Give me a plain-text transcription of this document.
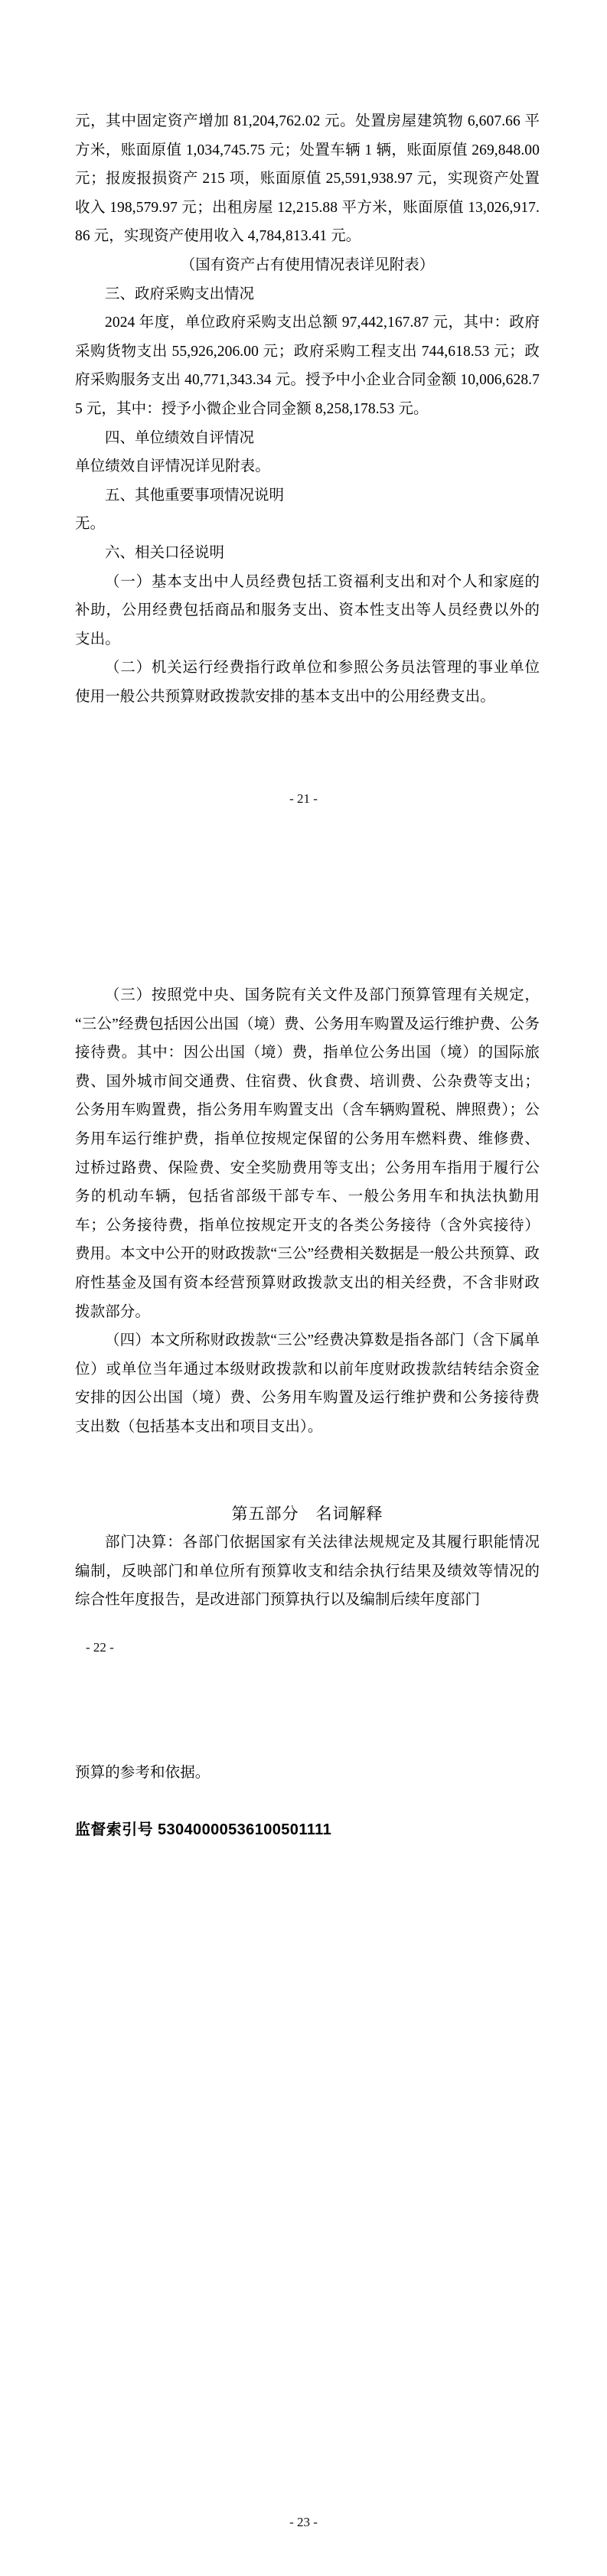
元，其中固定资产增加 81,204,762.02 元。处置房屋建筑物 6,607.66 平方米，账面原值 1,034,745.75 元；处置车辆 1 辆，账面原值 269,848.00 元；报废报损资产 215 项，账面原值 25,591,938.97 元，实现资产处置收入 198,579.97 元；出租房屋 12,215.88 平方米，账面原值 13,026,917.86 元，实现资产使用收入 4,784,813.41 元。

（国有资产占有使用情况表详见附表）

三、政府采购支出情况

2024 年度，单位政府采购支出总额 97,442,167.87 元，其中：政府采购货物支出 55,926,206.00 元；政府采购工程支出 744,618.53 元；政府采购服务支出 40,771,343.34 元。授予中小企业合同金额 10,006,628.75 元，其中：授予小微企业合同金额 8,258,178.53 元。

四、单位绩效自评情况

单位绩效自评情况详见附表。

五、其他重要事项情况说明

无。

六、相关口径说明

（一）基本支出中人员经费包括工资福利支出和对个人和家庭的补助，公用经费包括商品和服务支出、资本性支出等人员经费以外的支出。

（二）机关运行经费指行政单位和参照公务员法管理的事业单位使用一般公共预算财政拨款安排的基本支出中的公用经费支出。

- 21 -

（三）按照党中央、国务院有关文件及部门预算管理有关规定，“三公”经费包括因公出国（境）费、公务用车购置及运行维护费、公务接待费。其中：因公出国（境）费，指单位公务出国（境）的国际旅费、国外城市间交通费、住宿费、伙食费、培训费、公杂费等支出；公务用车购置费，指公务用车购置支出（含车辆购置税、牌照费）；公务用车运行维护费，指单位按规定保留的公务用车燃料费、维修费、过桥过路费、保险费、安全奖励费用等支出；公务用车指用于履行公务的机动车辆，包括省部级干部专车、一般公务用车和执法执勤用车；公务接待费，指单位按规定开支的各类公务接待（含外宾接待）费用。本文中公开的财政拨款“三公”经费相关数据是一般公共预算、政府性基金及国有资本经营预算财政拨款支出的相关经费，不含非财政拨款部分。

（四）本文所称财政拨款“三公”经费决算数是指各部门（含下属单位）或单位当年通过本级财政拨款和以前年度财政拨款结转结余资金安排的因公出国（境）费、公务用车购置及运行维护费和公务接待费支出数（包括基本支出和项目支出）。

第五部分　名词解释

部门决算：各部门依据国家有关法律法规规定及其履行职能情况编制，反映部门和单位所有预算收支和结余执行结果及绩效等情况的综合性年度报告，是改进部门预算执行以及编制后续年度部门

- 22 -

预算的参考和依据。

监督索引号 53040000536100501111

- 23 -
